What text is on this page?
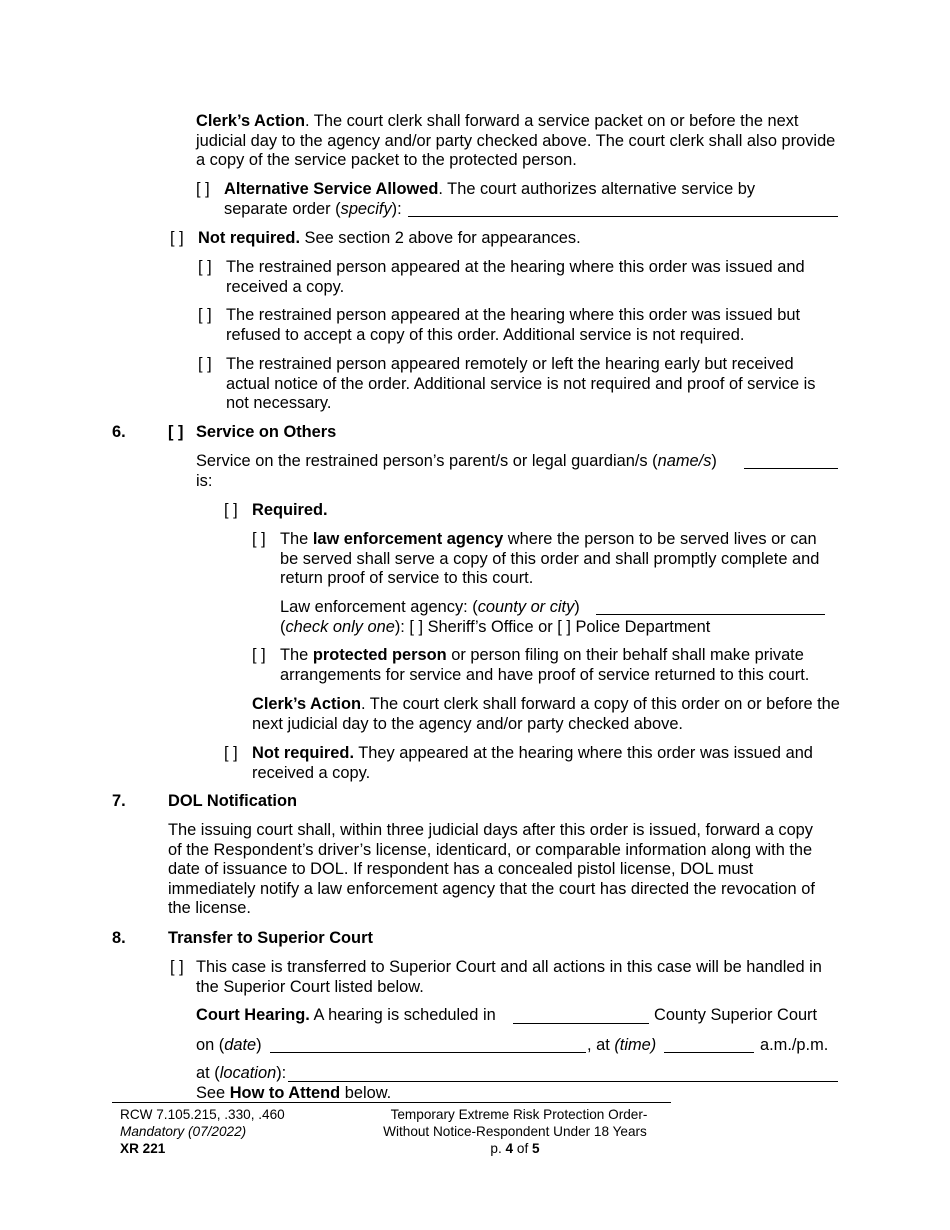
Clerk’s Action. The court clerk shall forward a service packet on or before the next judicial day to the agency and/or party checked above. The court clerk shall also provide a copy of the service packet to the protected person.
[ ] Alternative Service Allowed. The court authorizes alternative service by
separate order (specify):
[ ] Not required. See section 2 above for appearances.
[ ] The restrained person appeared at the hearing where this order was issued and received a copy.
[ ] The restrained person appeared at the hearing where this order was issued but refused to accept a copy of this order. Additional service is not required.
[ ] The restrained person appeared remotely or left the hearing early but received actual notice of the order. Additional service is not required and proof of service is not necessary.
6.	[ ] Service on Others
Service on the restrained person’s parent/s or legal guardian/s (name/s)
is:
[ ] Required.
[ ] The law enforcement agency where the person to be served lives or can be served shall serve a copy of this order and shall promptly complete and return proof of service to this court.
Law enforcement agency: (county or city)
(check only one): [ ] Sheriff’s Office or [ ] Police Department
[ ] The protected person or person filing on their behalf shall make private arrangements for service and have proof of service returned to this court.
Clerk’s Action. The court clerk shall forward a copy of this order on or before the next judicial day to the agency and/or party checked above.
[ ] Not required. They appeared at the hearing where this order was issued and received a copy.
7.	DOL Notification
The issuing court shall, within three judicial days after this order is issued, forward a copy of the Respondent’s driver’s license, identicard, or comparable information along with the date of issuance to DOL. If respondent has a concealed pistol license, DOL must immediately notify a law enforcement agency that the court has directed the revocation of the license.
8.	Transfer to Superior Court
[ ] This case is transferred to Superior Court and all actions in this case will be handled in the Superior Court listed below.
Court Hearing. A hearing is scheduled in	County Superior Court
on (date)	, at (time)	a.m./p.m.
at (location):
See How to Attend below.
RCW 7.105.215, .330, .460
Mandatory (07/2022)
XR 221
Temporary Extreme Risk Protection Order-
Without Notice-Respondent Under 18 Years
p. 4 of 5
